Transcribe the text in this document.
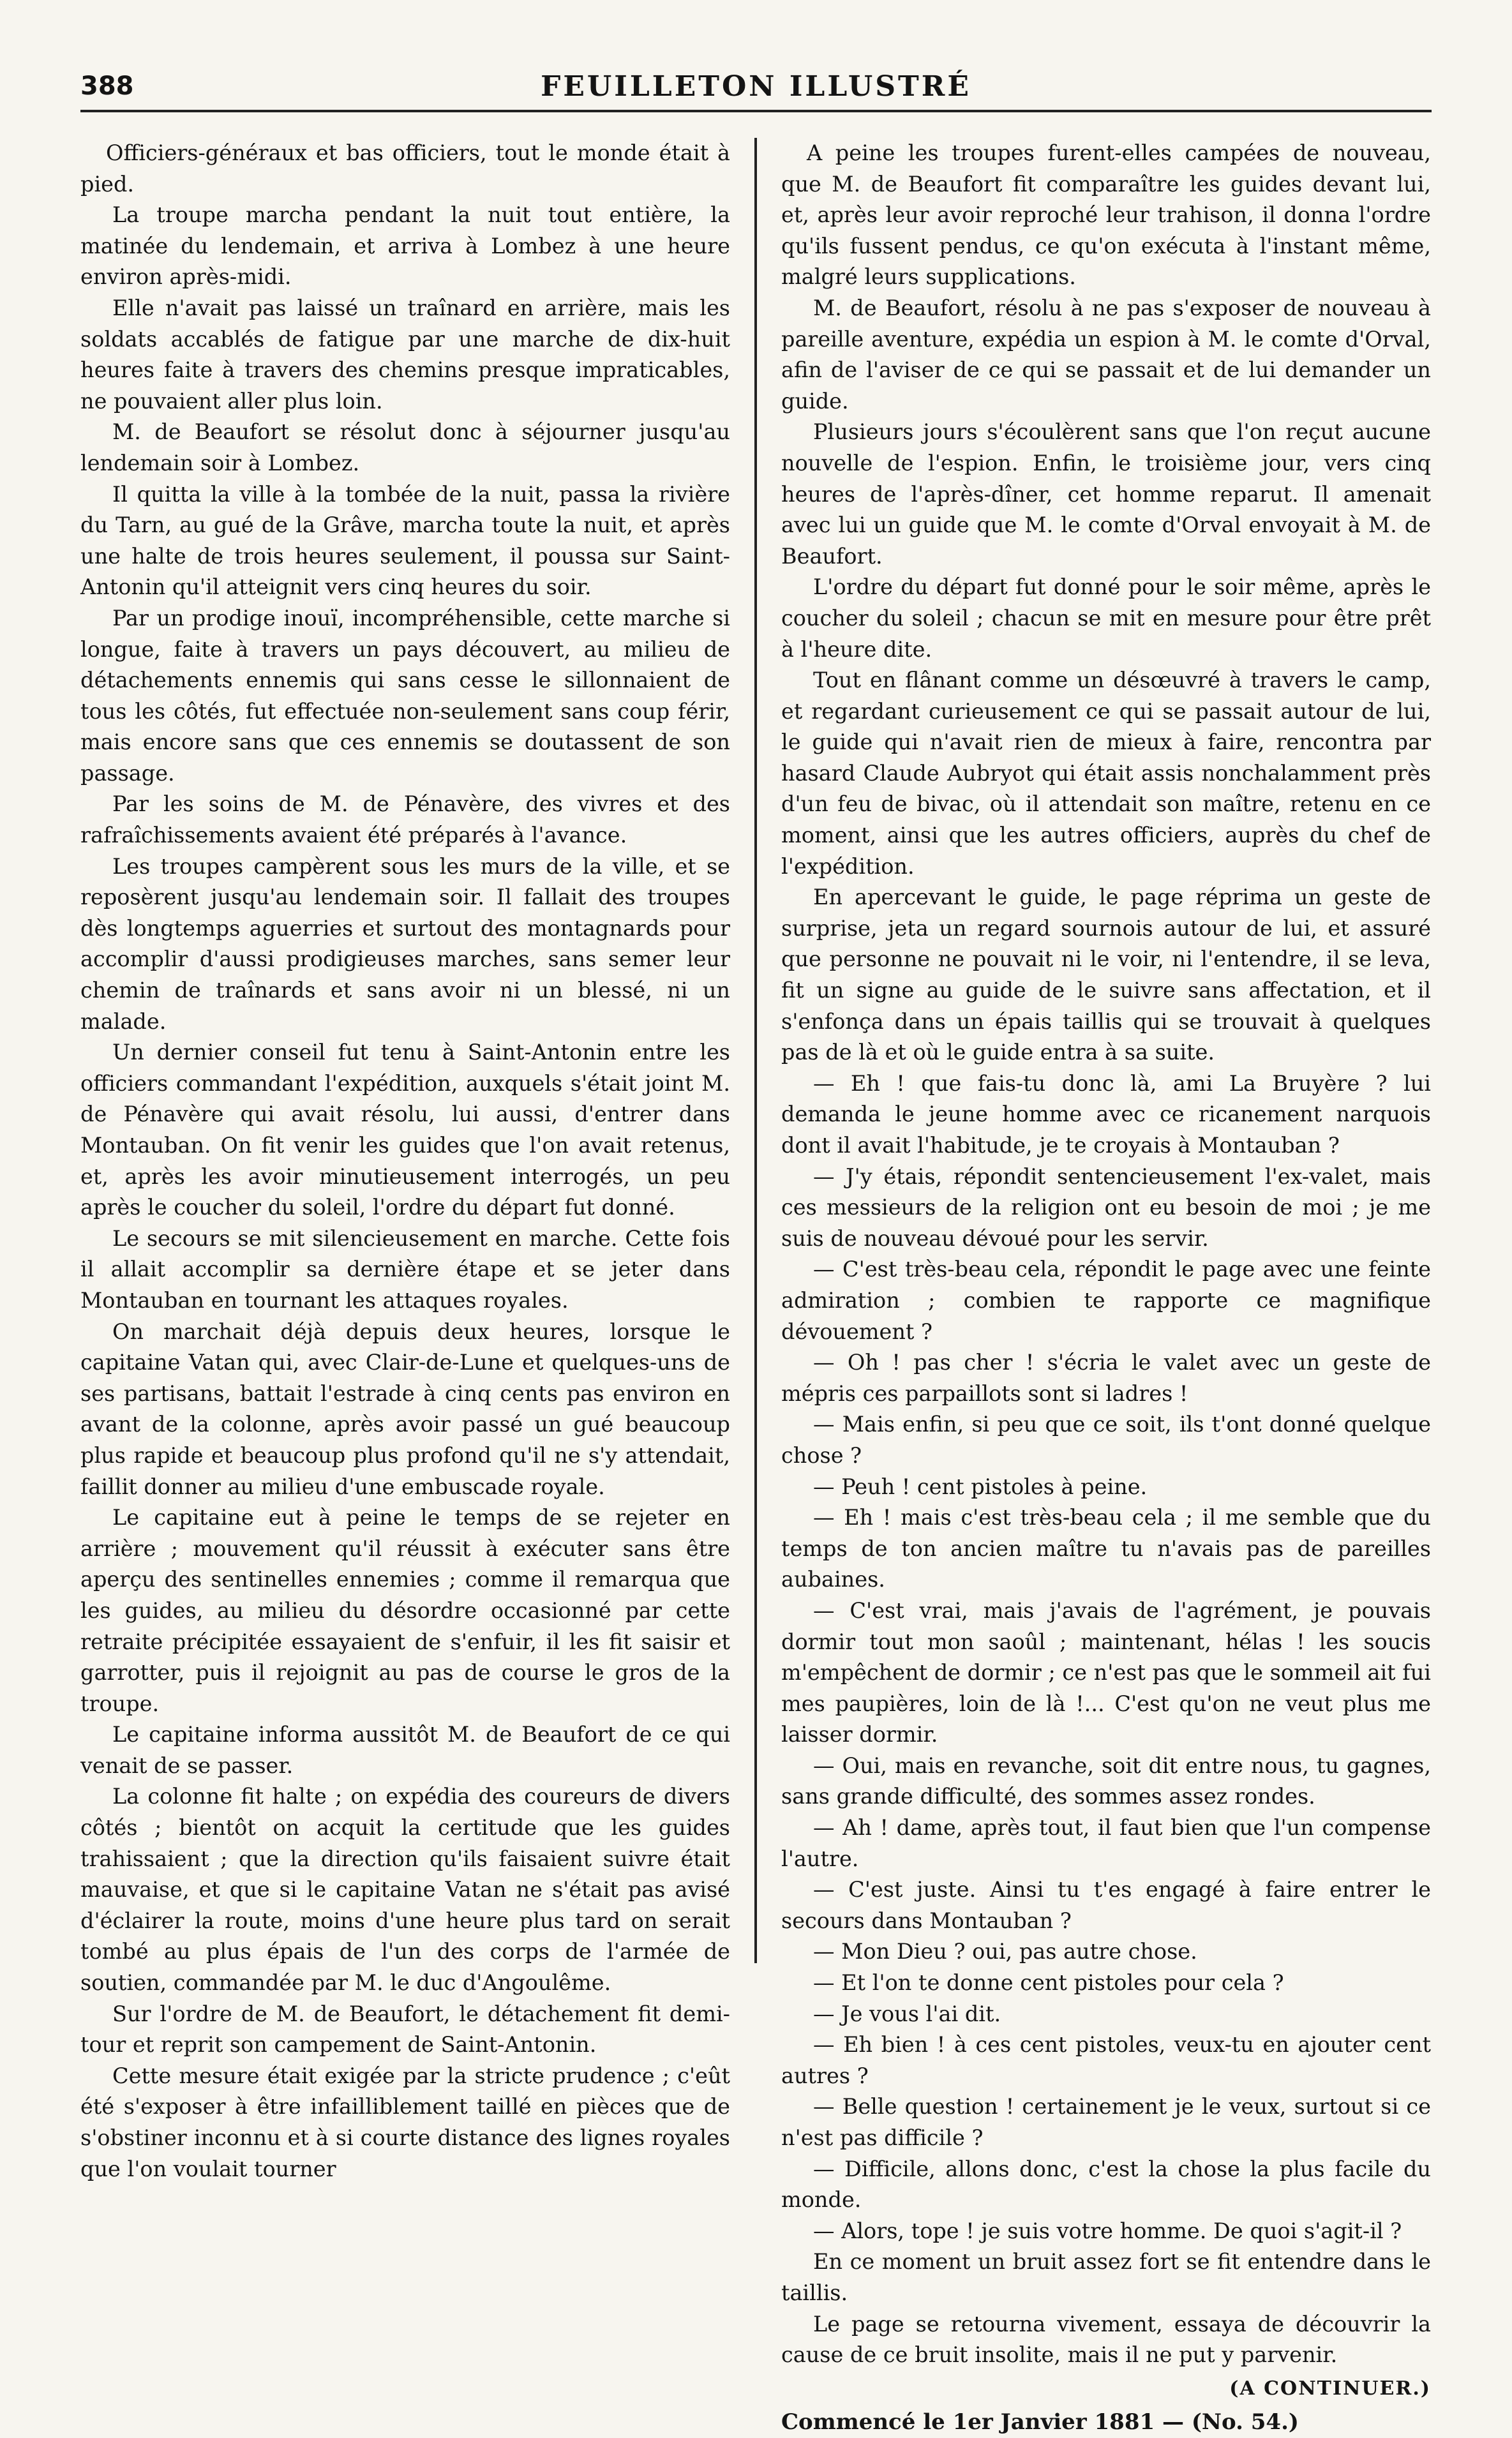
388	FEUILLETON ILLUSTRÉ

Officiers-généraux et bas officiers, tout le monde était à pied.

La troupe marcha pendant la nuit tout entière, la matinée du lendemain, et arriva à Lombez à une heure environ après-midi.

Elle n'avait pas laissé un traînard en arrière, mais les soldats accablés de fatigue par une marche de dix-huit heures faite à travers des chemins presque impraticables, ne pouvaient aller plus loin.

M. de Beaufort se résolut donc à séjourner jusqu'au lendemain soir à Lombez.

Il quitta la ville à la tombée de la nuit, passa la rivière du Tarn, au gué de la Grâve, marcha toute la nuit, et après une halte de trois heures seulement, il poussa sur Saint-Antonin qu'il atteignit vers cinq heures du soir.

Par un prodige inouï, incompréhensible, cette marche si longue, faite à travers un pays découvert, au milieu de détachements ennemis qui sans cesse le sillonnaient de tous les côtés, fut effectuée non-seulement sans coup férir, mais encore sans que ces ennemis se doutassent de son passage.

Par les soins de M. de Pénavère, des vivres et des rafraîchissements avaient été préparés à l'avance.

Les troupes campèrent sous les murs de la ville, et se reposèrent jusqu'au lendemain soir. Il fallait des troupes dès longtemps aguerries et surtout des montagnards pour accomplir d'aussi prodigieuses marches, sans semer leur chemin de traînards et sans avoir ni un blessé, ni un malade.

Un dernier conseil fut tenu à Saint-Antonin entre les officiers commandant l'expédition, auxquels s'était joint M. de Pénavère qui avait résolu, lui aussi, d'entrer dans Montauban. On fit venir les guides que l'on avait retenus, et, après les avoir minutieusement interrogés, un peu après le coucher du soleil, l'ordre du départ fut donné.

Le secours se mit silencieusement en marche. Cette fois il allait accomplir sa dernière étape et se jeter dans Montauban en tournant les attaques royales.

On marchait déjà depuis deux heures, lorsque le capitaine Vatan qui, avec Clair-de-Lune et quelques-uns de ses partisans, battait l'estrade à cinq cents pas environ en avant de la colonne, après avoir passé un gué beaucoup plus rapide et beaucoup plus profond qu'il ne s'y attendait, faillit donner au milieu d'une embuscade royale.

Le capitaine eut à peine le temps de se rejeter en arrière ; mouvement qu'il réussit à exécuter sans être aperçu des sentinelles ennemies ; comme il remarqua que les guides, au milieu du désordre occasionné par cette retraite précipitée essayaient de s'enfuir, il les fit saisir et garrotter, puis il rejoignit au pas de course le gros de la troupe.

Le capitaine informa aussitôt M. de Beaufort de ce qui venait de se passer.

La colonne fit halte ; on expédia des coureurs de divers côtés ; bientôt on acquit la certitude que les guides trahissaient ; que la direction qu'ils faisaient suivre était mauvaise, et que si le capitaine Vatan ne s'était pas avisé d'éclairer la route, moins d'une heure plus tard on serait tombé au plus épais de l'un des corps de l'armée de soutien, commandée par M. le duc d'Angoulême.

Sur l'ordre de M. de Beaufort, le détachement fit demi-tour et reprit son campement de Saint-Antonin.

Cette mesure était exigée par la stricte prudence ; c'eût été s'exposer à être infailliblement taillé en pièces que de s'obstiner inconnu et à si courte distance des lignes royales que l'on voulait tourner

A peine les troupes furent-elles campées de nouveau, que M. de Beaufort fit comparaître les guides devant lui, et, après leur avoir reproché leur trahison, il donna l'ordre qu'ils fussent pendus, ce qu'on exécuta à l'instant même, malgré leurs supplications.

M. de Beaufort, résolu à ne pas s'exposer de nouveau à pareille aventure, expédia un espion à M. le comte d'Orval, afin de l'aviser de ce qui se passait et de lui demander un guide.

Plusieurs jours s'écoulèrent sans que l'on reçut aucune nouvelle de l'espion. Enfin, le troisième jour, vers cinq heures de l'après-dîner, cet homme reparut. Il amenait avec lui un guide que M. le comte d'Orval envoyait à M. de Beaufort.

L'ordre du départ fut donné pour le soir même, après le coucher du soleil ; chacun se mit en mesure pour être prêt à l'heure dite.

Tout en flânant comme un désœuvré à travers le camp, et regardant curieusement ce qui se passait autour de lui, le guide qui n'avait rien de mieux à faire, rencontra par hasard Claude Aubryot qui était assis nonchalamment près d'un feu de bivac, où il attendait son maître, retenu en ce moment, ainsi que les autres officiers, auprès du chef de l'expédition.

En apercevant le guide, le page réprima un geste de surprise, jeta un regard sournois autour de lui, et assuré que personne ne pouvait ni le voir, ni l'entendre, il se leva, fit un signe au guide de le suivre sans affectation, et il s'enfonça dans un épais taillis qui se trouvait à quelques pas de là et où le guide entra à sa suite.

— Eh ! que fais-tu donc là, ami La Bruyère ? lui demanda le jeune homme avec ce ricanement narquois dont il avait l'habitude, je te croyais à Montauban ?

— J'y étais, répondit sentencieusement l'ex-valet, mais ces messieurs de la religion ont eu besoin de moi ; je me suis de nouveau dévoué pour les servir.

— C'est très-beau cela, répondit le page avec une feinte admiration ; combien te rapporte ce magnifique dévouement ?

— Oh ! pas cher ! s'écria le valet avec un geste de mépris ces parpaillots sont si ladres !

— Mais enfin, si peu que ce soit, ils t'ont donné quelque chose ?

— Peuh ! cent pistoles à peine.

— Eh ! mais c'est très-beau cela ; il me semble que du temps de ton ancien maître tu n'avais pas de pareilles aubaines.

— C'est vrai, mais j'avais de l'agrément, je pouvais dormir tout mon saoûl ; maintenant, hélas ! les soucis m'empêchent de dormir ; ce n'est pas que le sommeil ait fui mes paupières, loin de là !... C'est qu'on ne veut plus me laisser dormir.

— Oui, mais en revanche, soit dit entre nous, tu gagnes, sans grande difficulté, des sommes assez rondes.

— Ah ! dame, après tout, il faut bien que l'un compense l'autre.

— C'est juste. Ainsi tu t'es engagé à faire entrer le secours dans Montauban ?

— Mon Dieu ? oui, pas autre chose.

— Et l'on te donne cent pistoles pour cela ?

— Je vous l'ai dit.

— Eh bien ! à ces cent pistoles, veux-tu en ajouter cent autres ?

— Belle question ! certainement je le veux, surtout si ce n'est pas difficile ?

— Difficile, allons donc, c'est la chose la plus facile du monde.

— Alors, tope ! je suis votre homme. De quoi s'agit-il ?

En ce moment un bruit assez fort se fit entendre dans le taillis.

Le page se retourna vivement, essaya de découvrir la cause de ce bruit insolite, mais il ne put y parvenir.

(A CONTINUER.)
Commencé le 1er Janvier 1881 — (No. 54.)
